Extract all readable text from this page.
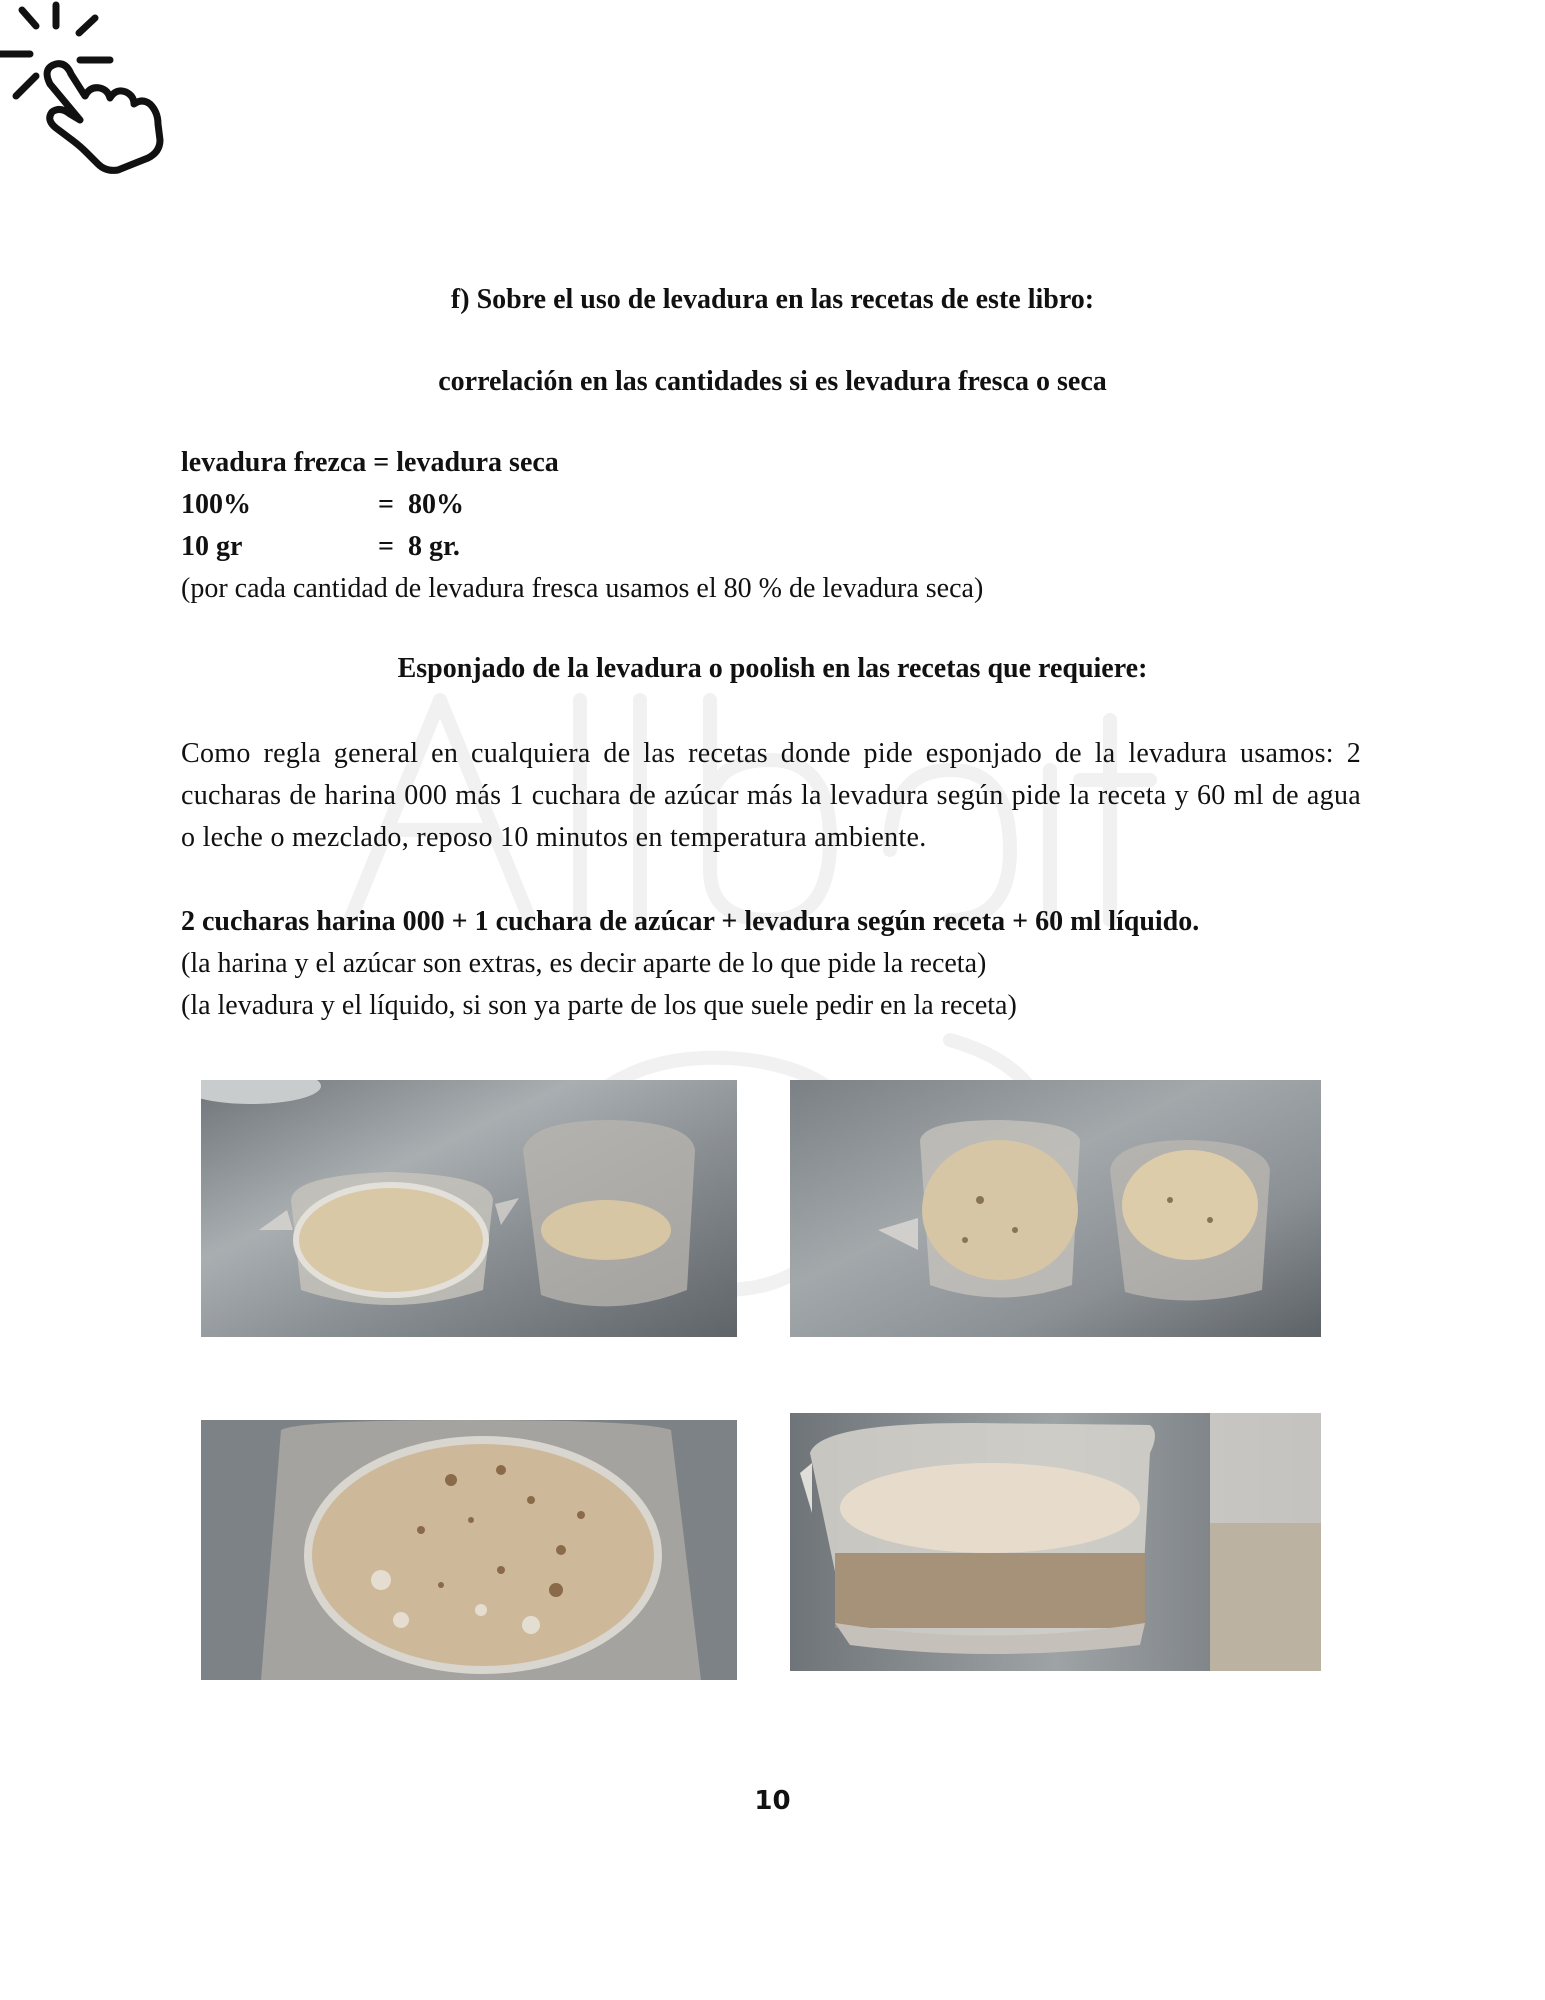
f) Sobre el uso de levadura en las recetas de este libro:
correlación en las cantidades si es levadura fresca o seca
levadura frezca = levadura seca
100%	=  80%
10 gr	=  8 gr.
(por cada cantidad de levadura fresca usamos el 80 % de levadura seca)
Esponjado de la levadura o poolish en las recetas que requiere:
Como regla general en cualquiera de las recetas donde pide esponjado de la levadura usamos: 2 cucharas de harina 000 más 1 cuchara de azúcar más la levadura según pide la receta y 60 ml de agua o leche o mezclado, reposo 10 minutos en temperatura ambiente.
2 cucharas harina 000 + 1 cuchara de azúcar + levadura según receta + 60 ml líquido.
(la harina y el azúcar son extras, es decir aparte de lo que pide la receta)
(la levadura y el líquido, si son ya parte de los que suele pedir en la receta)
10
